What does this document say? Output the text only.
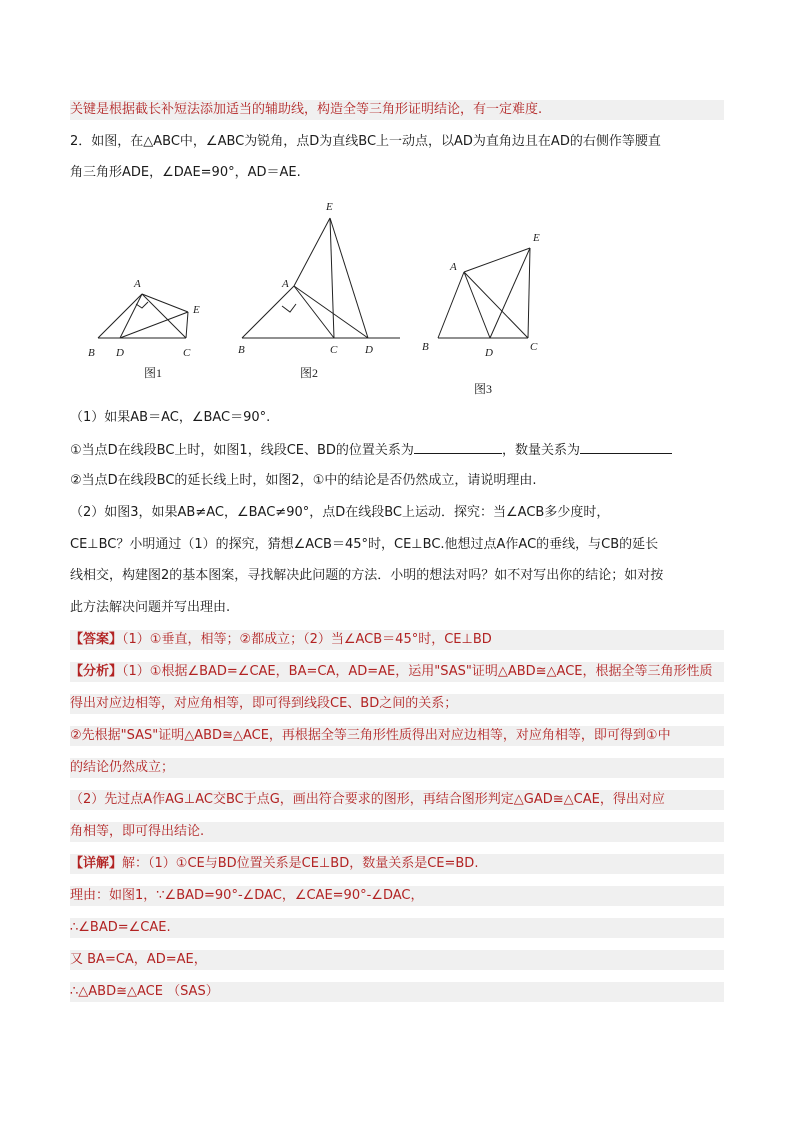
关键是根据截长补短法添加适当的辅助线，构造全等三角形证明结论，有一定难度.
2．如图，在△ABC中，∠ABC为锐角，点D为直线BC上一动点，以AD为直角边且在AD的右侧作等腰直
角三角形ADE，∠DAE=90°，AD＝AE.
A
B D	C
E
图1
A
E
B	C	D
图2
A
E
B	D	C
图3
（1）如果AB＝AC，∠BAC＝90°.
①当点D在线段BC上时，如图1，线段CE、BD的位置关系为	，数量关系为
②当点D在线段BC的延长线上时，如图2，①中的结论是否仍然成立，请说明理由.
（2）如图3，如果AB≠AC，∠BAC≠90°，点D在线段BC上运动．探究：当∠ACB多少度时，
CE⊥BC？小明通过（1）的探究，猜想∠ACB＝45°时，CE⊥BC.他想过点A作AC的垂线，与CB的延长
线相交，构建图2的基本图案，寻找解决此问题的方法．小明的想法对吗？如不对写出你的结论；如对按
此方法解决问题并写出理由.
【答案】（1）①垂直，相等；②都成立；（2）当∠ACB＝45°时，CE⊥BD
【分析】（1）①根据∠BAD=∠CAE，BA=CA，AD=AE，运用"SAS"证明△ABD≅△ACE，根据全等三角形性质
得出对应边相等，对应角相等，即可得到线段CE、BD之间的关系；
②先根据"SAS"证明△ABD≅△ACE，再根据全等三角形性质得出对应边相等，对应角相等，即可得到①中
的结论仍然成立；
（2）先过点A作AG⊥AC交BC于点G，画出符合要求的图形，再结合图形判定△GAD≅△CAE，得出对应
角相等，即可得出结论.
【详解】解：（1）①CE与BD位置关系是CE⊥BD，数量关系是CE=BD.
理由：如图1，∵∠BAD=90°-∠DAC，∠CAE=90°-∠DAC，
∴∠BAD=∠CAE.
又 BA=CA，AD=AE，
∴△ABD≅△ACE （SAS）
